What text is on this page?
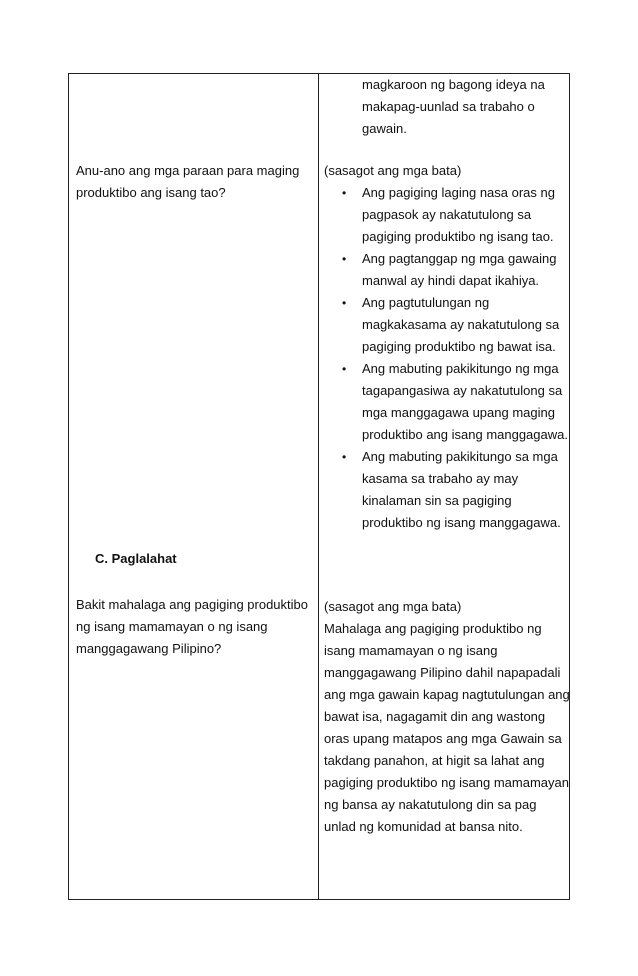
magkaroon ng bagong ideya na
makapag-uunlad sa trabaho o
gawain.
Anu-ano ang mga paraan para maging
produktibo ang isang tao?
(sasagot ang mga bata)
• Ang pagiging laging nasa oras ng
pagpasok ay nakatutulong sa
pagiging produktibo ng isang tao.
• Ang pagtanggap ng mga gawaing
manwal ay hindi dapat ikahiya.
• Ang pagtutulungan ng
magkakasama ay nakatutulong sa
pagiging produktibo ng bawat isa.
• Ang mabuting pakikitungo ng mga
tagapangasiwa ay nakatutulong sa
mga manggagawa upang maging
produktibo ang isang manggagawa.
• Ang mabuting pakikitungo sa mga
kasama sa trabaho ay may
kinalaman sin sa pagiging
produktibo ng isang manggagawa.
C. Paglalahat
Bakit mahalaga ang pagiging produktibo
ng isang mamamayan o ng isang
manggagawang Pilipino?
(sasagot ang mga bata)
Mahalaga ang pagiging produktibo ng
isang mamamayan o ng isang
manggagawang Pilipino dahil napapadali
ang mga gawain kapag nagtutulungan ang
bawat isa, nagagamit din ang wastong
oras upang matapos ang mga Gawain sa
takdang panahon, at higit sa lahat ang
pagiging produktibo ng isang mamamayan
ng bansa ay nakatutulong din sa pag
unlad ng komunidad at bansa nito.
